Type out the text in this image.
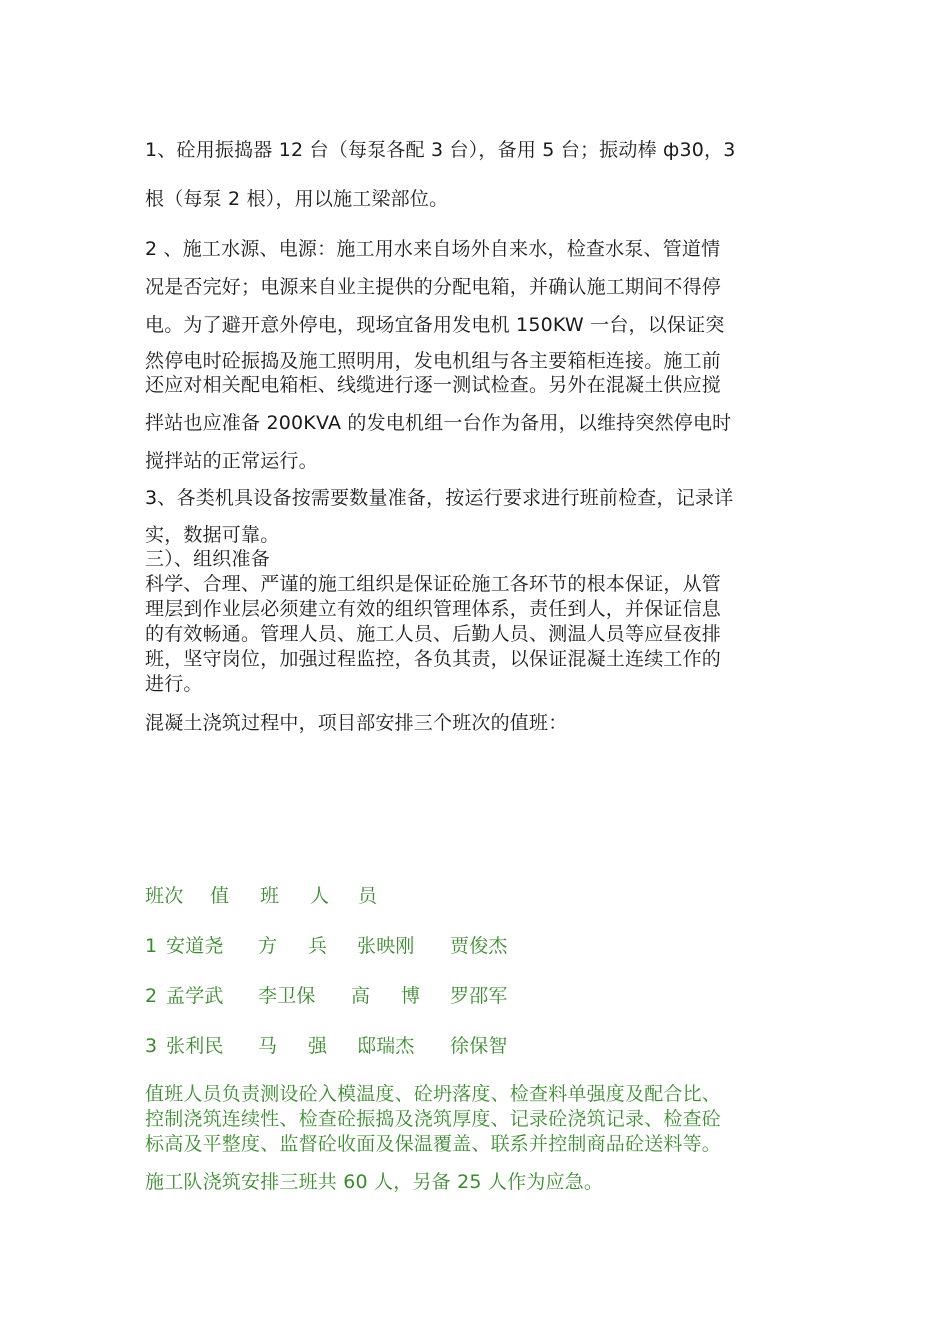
1、砼用振捣器 12 台（每泵各配 3 台），备用 5 台；振动棒 ф30，3
根（每泵 2 根），用以施工梁部位。
2 、施工水源、电源：施工用水来自场外自来水，检查水泵、管道情
况是否完好；电源来自业主提供的分配电箱，并确认施工期间不得停
电。为了避开意外停电，现场宜备用发电机 150KW 一台，以保证突
然停电时砼振捣及施工照明用，发电机组与各主要箱柜连接。施工前
还应对相关配电箱柜、线缆进行逐一测试检查。另外在混凝土供应搅
拌站也应准备 200KVA 的发电机组一台作为备用，以维持突然停电时
搅拌站的正常运行。
3、各类机具设备按需要数量准备，按运行要求进行班前检查，记录详
实，数据可靠。
三）、组织准备
科学、合理、严谨的施工组织是保证砼施工各环节的根本保证，从管
理层到作业层必须建立有效的组织管理体系，责任到人，并保证信息
的有效畅通。管理人员、施工人员、后勤人员、测温人员等应昼夜排
班，坚守岗位，加强过程监控，各负其责，以保证混凝土连续工作的
进行。
混凝土浇筑过程中，项目部安排三个班次的值班：
班次 值 班 人 员
1 安道尧 方 兵 张映刚 贾俊杰
2 孟学武 李卫保 高 博 罗邵军
3 张利民 马 强 邸瑞杰 徐保智
值班人员负责测设砼入模温度、砼坍落度、检查料单强度及配合比、
控制浇筑连续性、检查砼振捣及浇筑厚度、记录砼浇筑记录、检查砼
标高及平整度、监督砼收面及保温覆盖、联系并控制商品砼送料等。
施工队浇筑安排三班共 60 人，另备 25 人作为应急。
